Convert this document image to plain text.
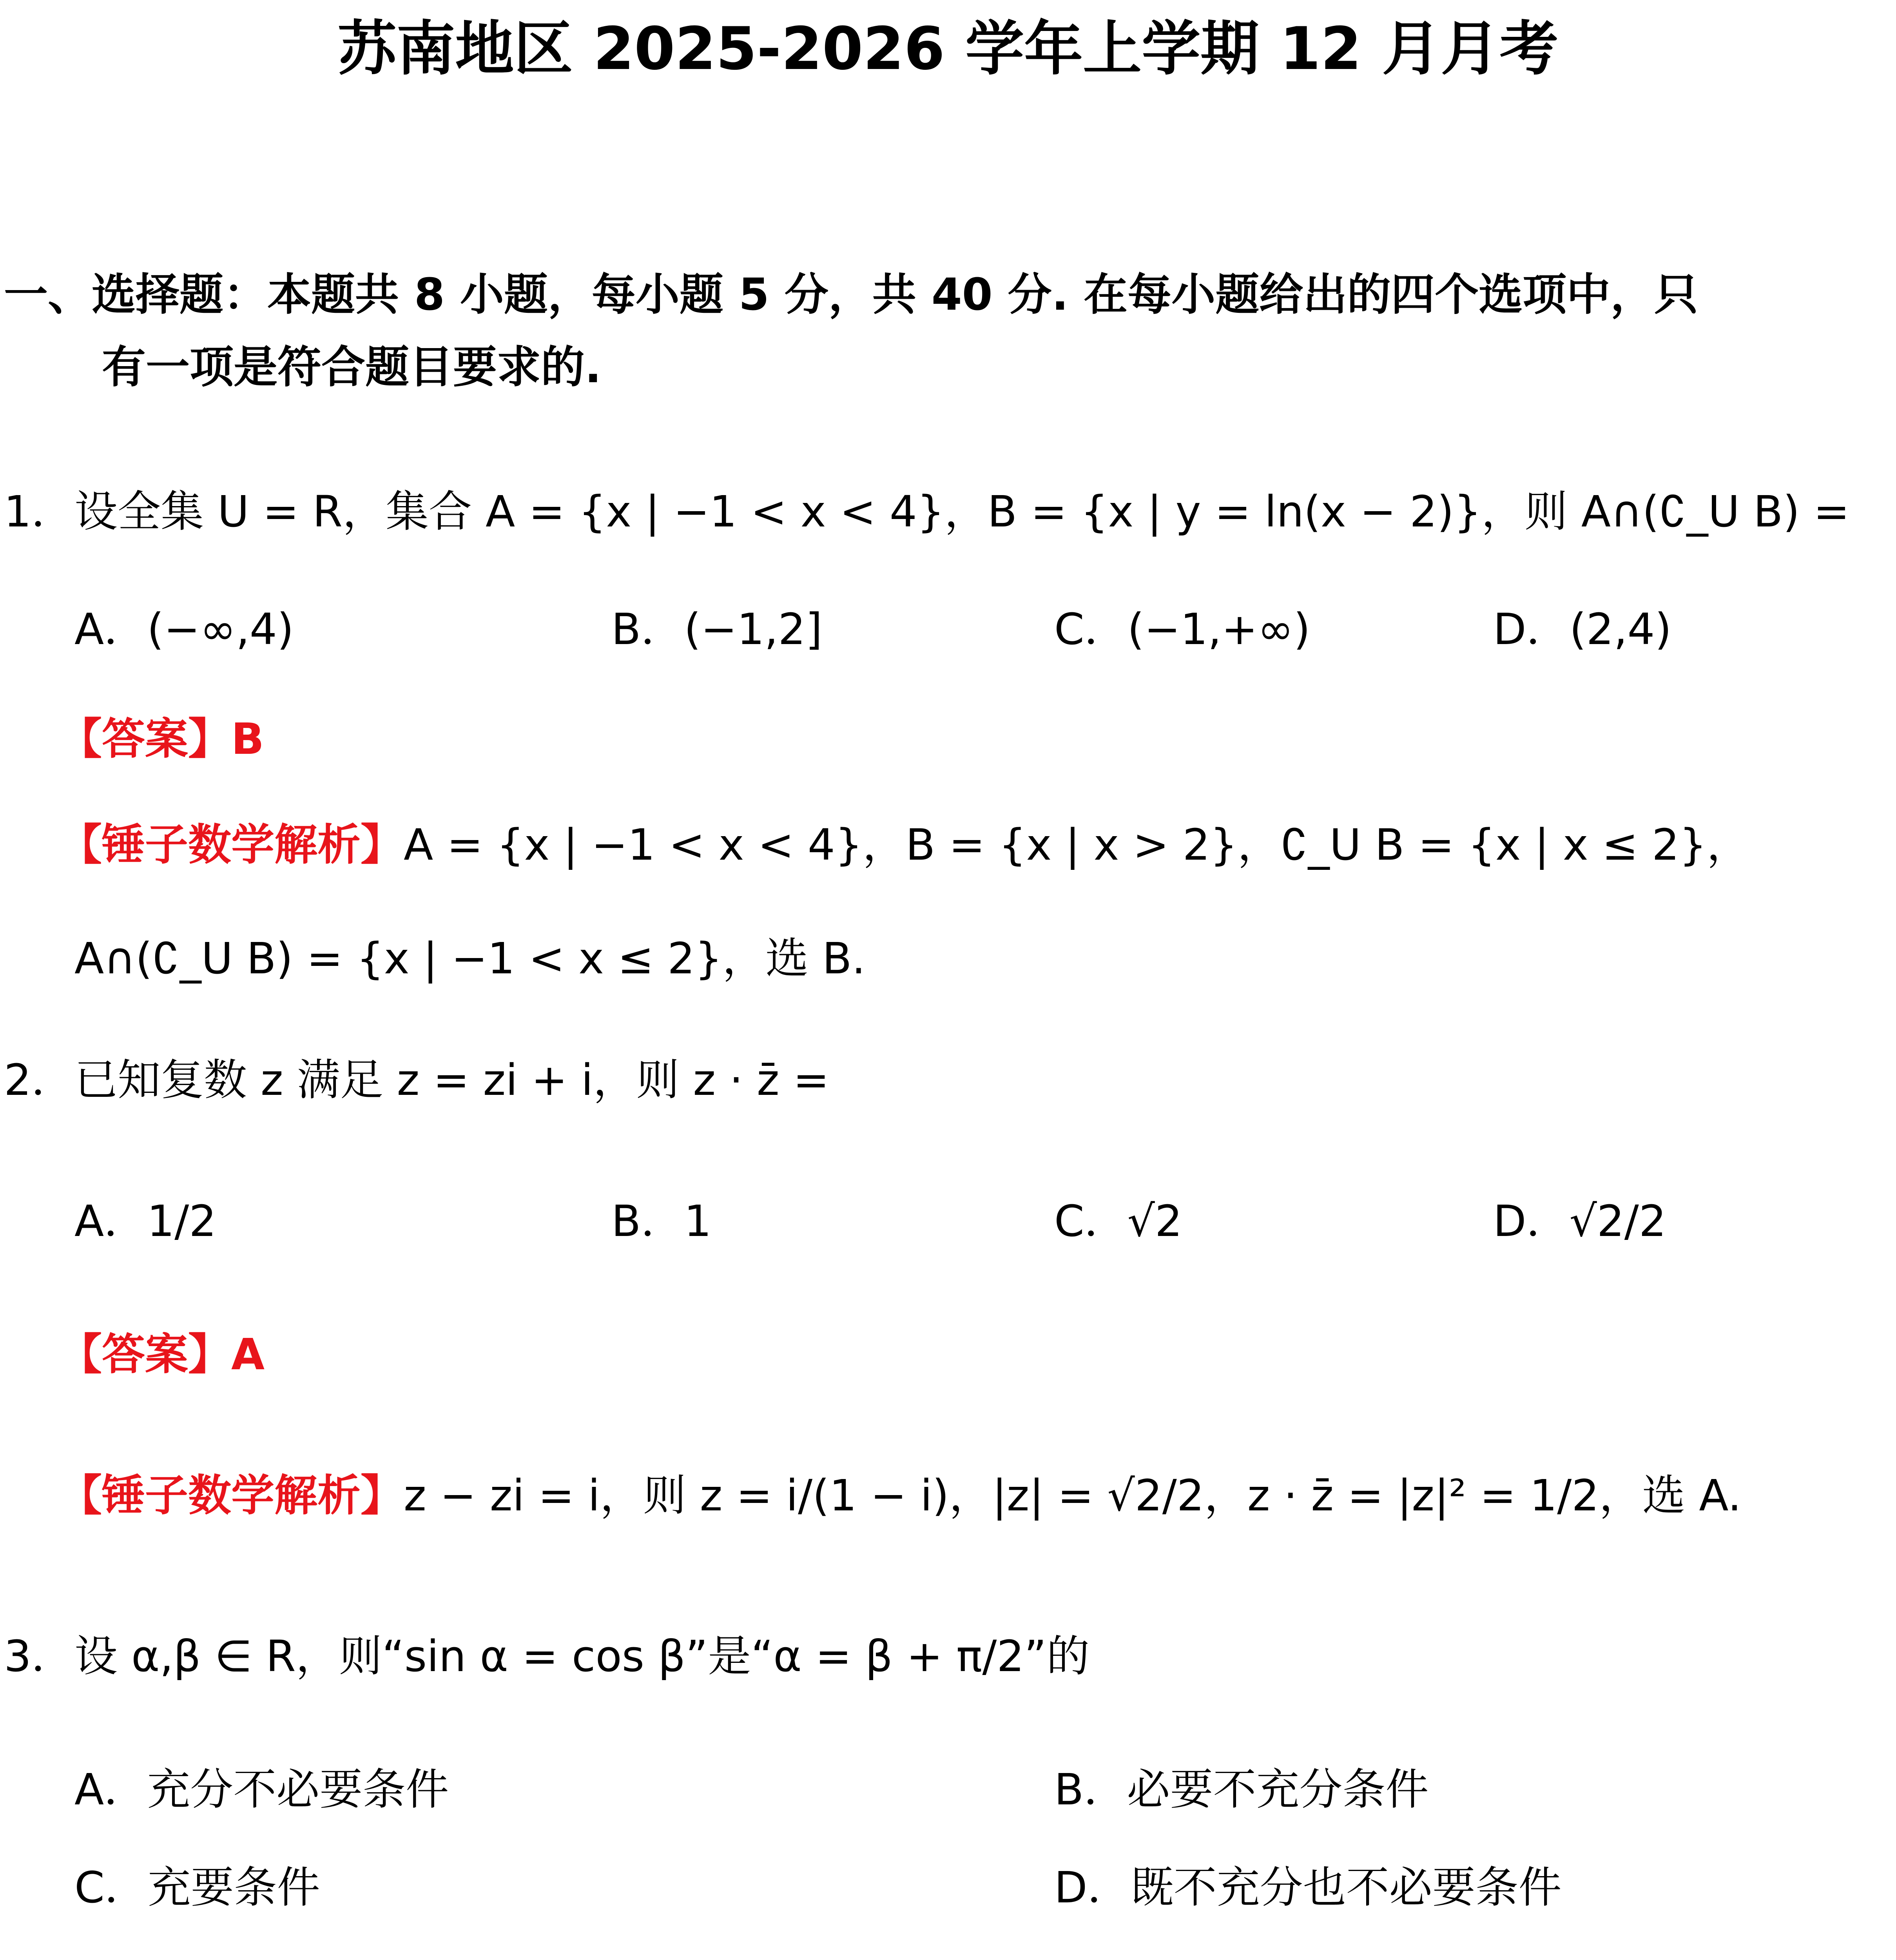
苏南地区 2025-2026 学年上学期 12 月月考
一、选择题：本题共 8 小题，每小题 5 分，共 40 分. 在每小题给出的四个选项中，只
有一项是符合题目要求的.
1．设全集 U = R，集合 A = {x | −1 < x < 4}，B = {x | y = ln(x − 2)}，则 A∩(∁_U B) =
A．(−∞,4)	B．(−1,2]	C．(−1,+∞)	D．(2,4)
【答案】B
【锤子数学解析】A = {x | −1 < x < 4}，B = {x | x > 2}，∁_U B = {x | x ≤ 2}，
A∩(∁_U B) = {x | −1 < x ≤ 2}，选 B.
2．已知复数 z 满足 z = zi + i，则 z · z̄ =
A．1/2	B．1	C．√2	D．√2/2
【答案】A
【锤子数学解析】z − zi = i，则 z = i/(1 − i)，|z| = √2/2，z · z̄ = |z|² = 1/2，选 A.
3．设 α,β ∈ R，则“sin α = cos β”是“α = β + π/2”的
A．充分不必要条件	B．必要不充分条件
C．充要条件	D．既不充分也不必要条件
